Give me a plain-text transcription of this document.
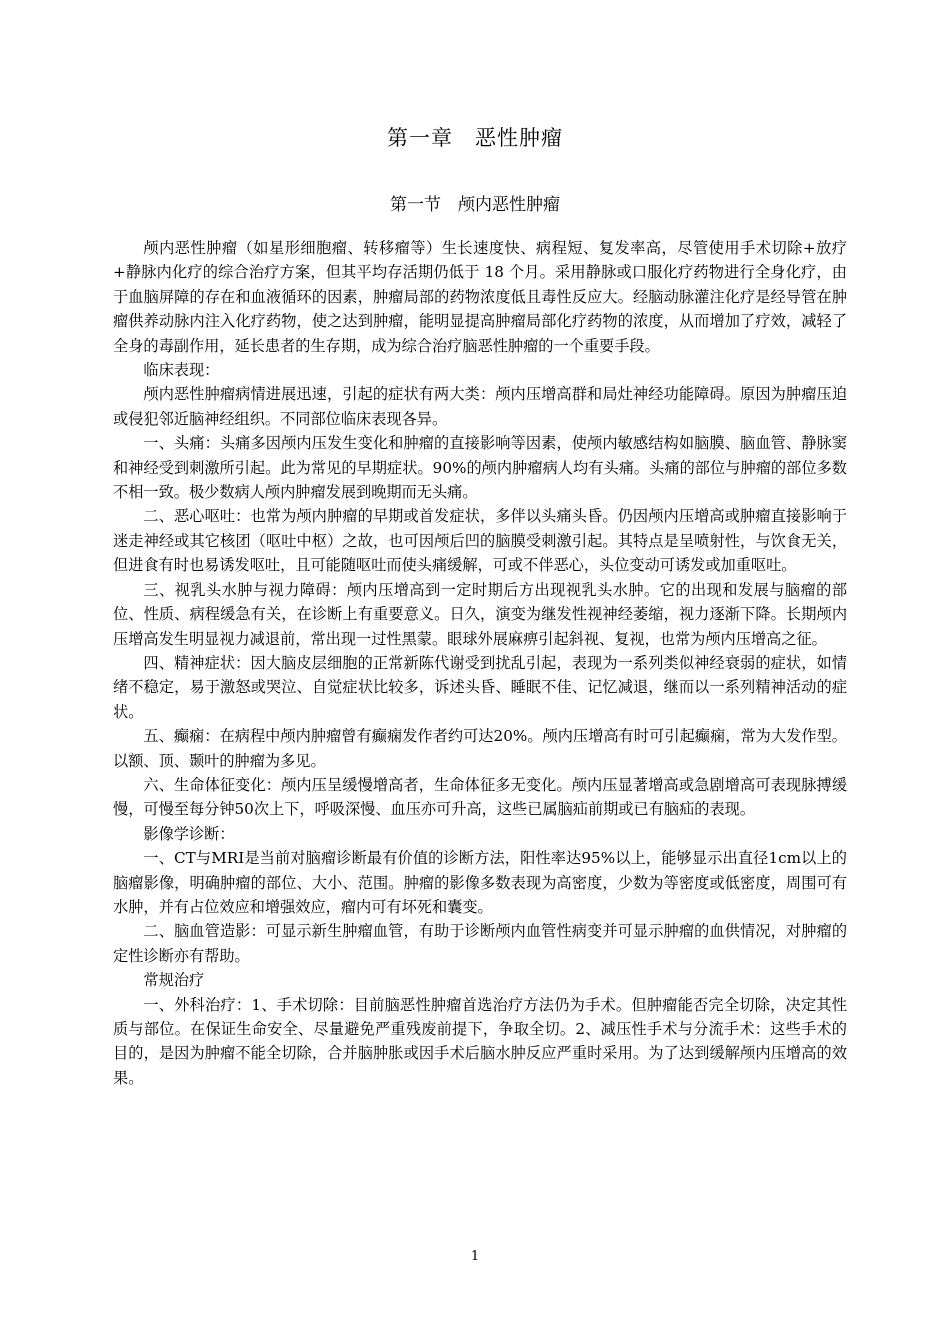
第一章　恶性肿瘤
第一节　颅内恶性肿瘤

颅内恶性肿瘤（如星形细胞瘤、转移瘤等）生长速度快、病程短、复发率高，尽管使用手术切除+放疗+静脉内化疗的综合治疗方案，但其平均存活期仍低于 18 个月。采用静脉或口服化疗药物进行全身化疗，由于血脑屏障的存在和血液循环的因素，肿瘤局部的药物浓度低且毒性反应大。经脑动脉灌注化疗是经导管在肿瘤供养动脉内注入化疗药物，使之达到肿瘤，能明显提高肿瘤局部化疗药物的浓度，从而增加了疗效，减轻了全身的毒副作用，延长患者的生存期，成为综合治疗脑恶性肿瘤的一个重要手段。

临床表现：

颅内恶性肿瘤病情进展迅速，引起的症状有两大类：颅内压增高群和局灶神经功能障碍。原因为肿瘤压迫或侵犯邻近脑神经组织。不同部位临床表现各异。

一、头痛：头痛多因颅内压发生变化和肿瘤的直接影响等因素，使颅内敏感结构如脑膜、脑血管、静脉窦和神经受到刺激所引起。此为常见的早期症状。90%的颅内肿瘤病人均有头痛。头痛的部位与肿瘤的部位多数不相一致。极少数病人颅内肿瘤发展到晚期而无头痛。

二、恶心呕吐：也常为颅内肿瘤的早期或首发症状，多伴以头痛头昏。仍因颅内压增高或肿瘤直接影响于迷走神经或其它核团（呕吐中枢）之故，也可因颅后凹的脑膜受刺激引起。其特点是呈喷射性，与饮食无关，但进食有时也易诱发呕吐，且可能随呕吐而使头痛缓解，可或不伴恶心，头位变动可诱发或加重呕吐。

三、视乳头水肿与视力障碍：颅内压增高到一定时期后方出现视乳头水肿。它的出现和发展与脑瘤的部位、性质、病程缓急有关，在诊断上有重要意义。日久，演变为继发性视神经萎缩，视力逐渐下降。长期颅内压增高发生明显视力减退前，常出现一过性黑蒙。眼球外展麻痹引起斜视、复视，也常为颅内压增高之征。

四、精神症状：因大脑皮层细胞的正常新陈代谢受到扰乱引起，表现为一系列类似神经衰弱的症状，如情绪不稳定，易于激怒或哭泣、自觉症状比较多，诉述头昏、睡眠不佳、记忆减退，继而以一系列精神活动的症状。

五、癫痫：在病程中颅内肿瘤曾有癫痫发作者约可达20%。颅内压增高有时可引起癫痫，常为大发作型。以额、顶、颞叶的肿瘤为多见。

六、生命体征变化：颅内压呈缓慢增高者，生命体征多无变化。颅内压显著增高或急剧增高可表现脉搏缓慢，可慢至每分钟50次上下，呼吸深慢、血压亦可升高，这些已属脑疝前期或已有脑疝的表现。

影像学诊断：

一、CT与MRI是当前对脑瘤诊断最有价值的诊断方法，阳性率达95%以上，能够显示出直径1cm以上的脑瘤影像，明确肿瘤的部位、大小、范围。肿瘤的影像多数表现为高密度，少数为等密度或低密度，周围可有水肿，并有占位效应和增强效应，瘤内可有坏死和囊变。

二、脑血管造影：可显示新生肿瘤血管，有助于诊断颅内血管性病变并可显示肿瘤的血供情况，对肿瘤的定性诊断亦有帮助。

常规治疗

一、外科治疗：1、手术切除：目前脑恶性肿瘤首选治疗方法仍为手术。但肿瘤能否完全切除，决定其性质与部位。在保证生命安全、尽量避免严重残废前提下，争取全切。2、减压性手术与分流手术：这些手术的目的，是因为肿瘤不能全切除，合并脑肿胀或因手术后脑水肿反应严重时采用。为了达到缓解颅内压增高的效果。

1
